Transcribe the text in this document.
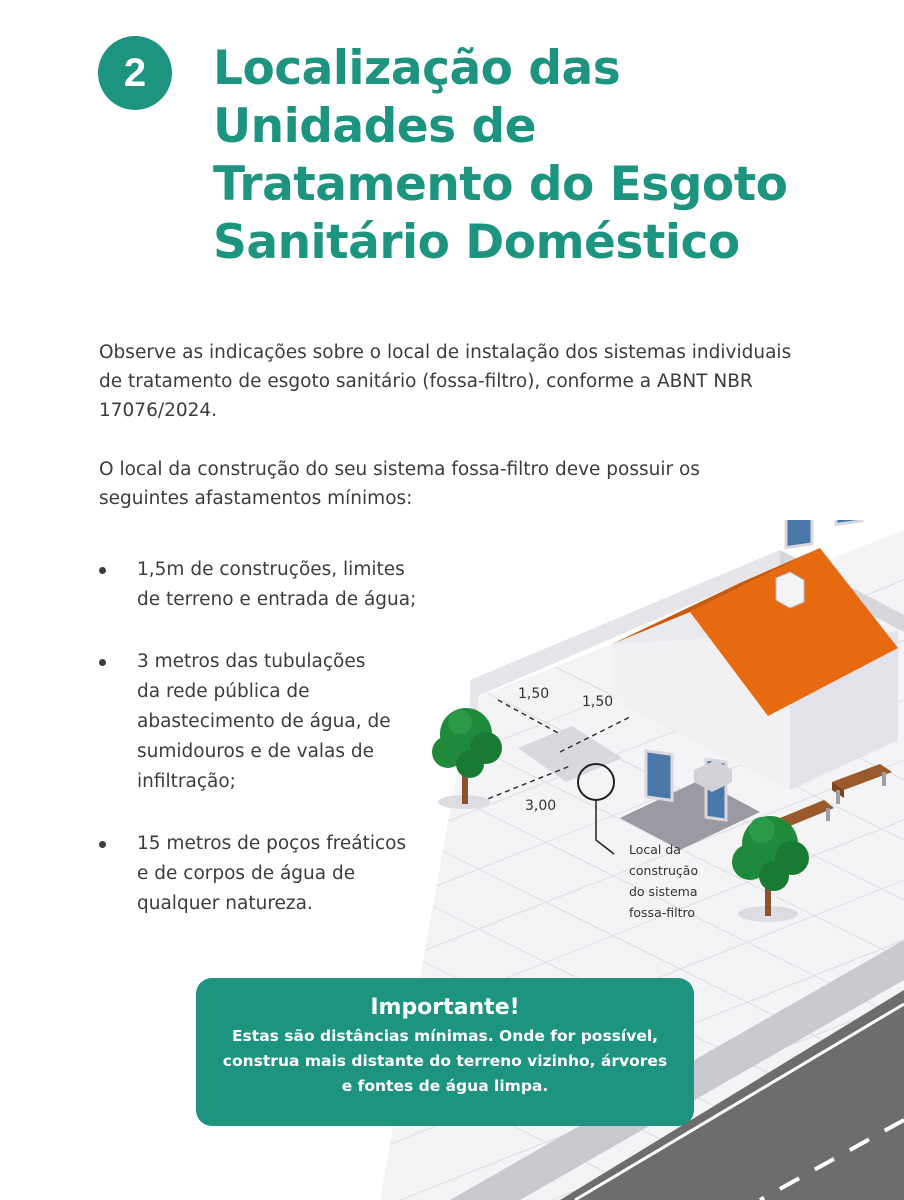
2	Localização das
Unidades de
Tratamento do Esgoto
Sanitário Doméstico

Observe as indicações sobre o local de instalação dos sistemas individuais
de tratamento de esgoto sanitário (fossa-filtro), conforme a ABNT NBR
17076/2024.

O local da construção do seu sistema fossa-filtro deve possuir os
seguintes afastamentos mínimos:

1,50 1,50
3,00
Local da construção do sistema fossa-filtro
1,5m de construções, limites
de terreno e entrada de água;
3 metros das tubulações
da rede pública de
abastecimento de água, de
sumidouros e de valas de
infiltração;
15 metros de poços freáticos
e de corpos de água de
qualquer natureza.
Importante!
Estas são distâncias mínimas. Onde for possível,
construa mais distante do terreno vizinho, árvores
e fontes de água limpa.
